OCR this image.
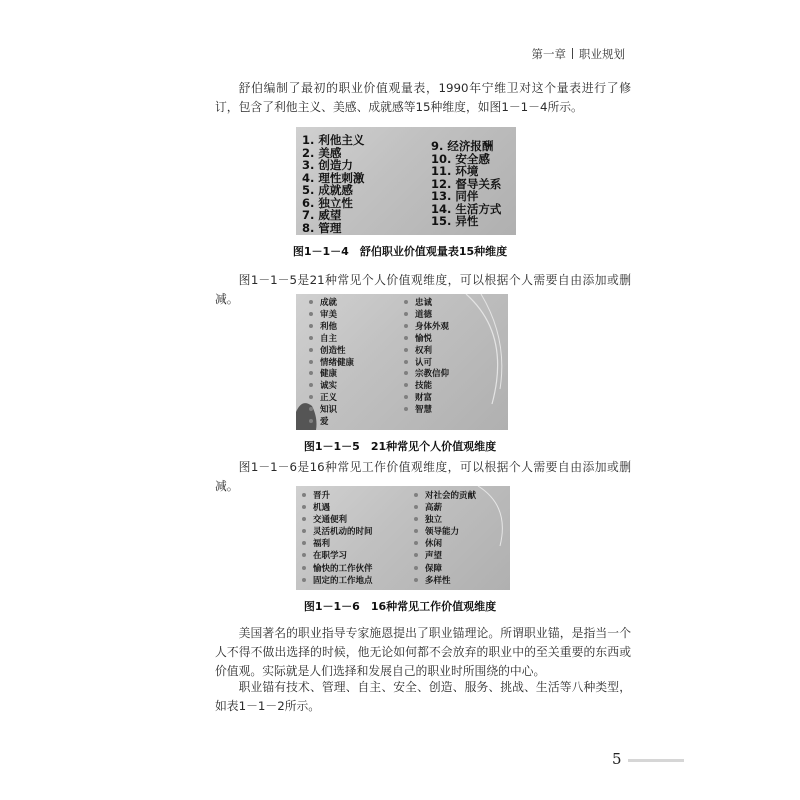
第一章 职业规划

舒伯编制了最初的职业价值观量表，1990年宁维卫对这个量表进行了修订，包含了利他主义、美感、成就感等15种维度，如图1－1－4所示。

1. 利他主义
2. 美感
3. 创造力
4. 理性刺激
5. 成就感
6. 独立性
7. 威望
8. 管理
9. 经济报酬
10. 安全感
11. 环境
12. 督导关系
13. 同伴
14. 生活方式
15. 异性
图1－1－4　舒伯职业价值观量表15种维度

图1－1－5是21种常见个人价值观维度，可以根据个人需要自由添加或删减。	成就
审美
利他
自主
创造性
情绪健康
健康
诚实
正义
知识
爱
忠诚
道德
身体外观
愉悦
权利
认可
宗教信仰
技能
财富
智慧
图1－1－5　21种常见个人价值观维度

图1－1－6是16种常见工作价值观维度，可以根据个人需要自由添加或删减。

晋升
机遇
交通便利
灵活机动的时间
福利
在职学习
愉快的工作伙伴
固定的工作地点
对社会的贡献
高薪
独立
领导能力
休闲
声望
保障
多样性
图1－1－6　16种常见工作价值观维度

美国著名的职业指导专家施恩提出了职业锚理论。所谓职业锚，是指当一个人不得不做出选择的时候，他无论如何都不会放弃的职业中的至关重要的东西或价值观。实际就是人们选择和发展自己的职业时所围绕的中心。

职业锚有技术、管理、自主、安全、创造、服务、挑战、生活等八种类型，如表1－1－2所示。

5
